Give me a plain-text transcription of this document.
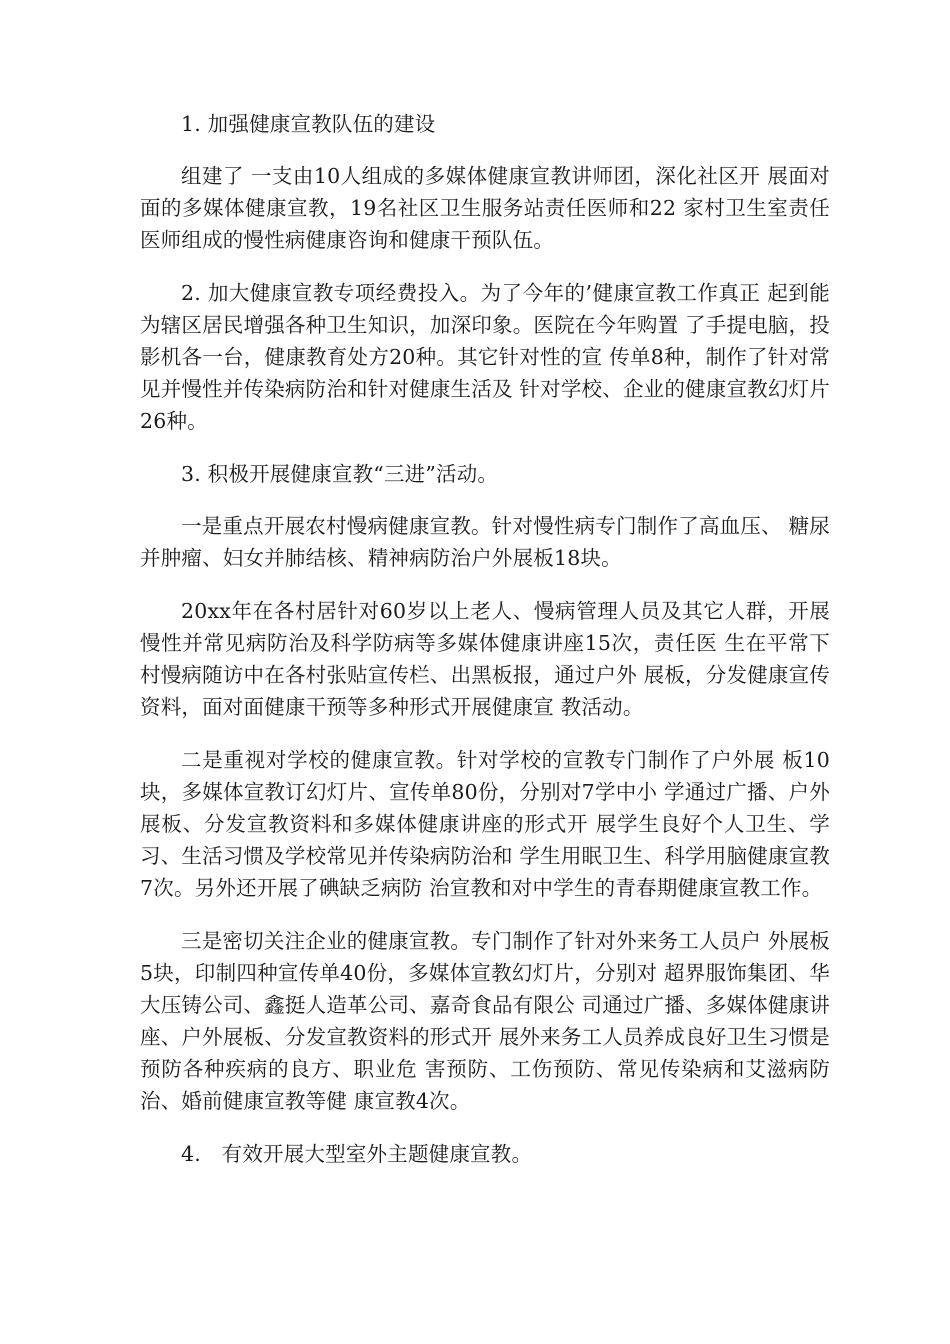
1. 加强健康宣教队伍的建设

组建了 一支由10人组成的多媒体健康宣教讲师团，深化社区开 展面对面的多媒体健康宣教，19名社区卫生服务站责任医师和22 家村卫生室责任医师组成的慢性病健康咨询和健康干预队伍。

2. 加大健康宣教专项经费投入。为了今年的’健康宣教工作真正 起到能为辖区居民增强各种卫生知识，加深印象。医院在今年购置 了手提电脑，投影机各一台，健康教育处方20种。其它针对性的宣 传单8种，制作了针对常见并慢性并传染病防治和针对健康生活及 针对学校、企业的健康宣教幻灯片26种。

3. 积极开展健康宣教“三进”活动。

一是重点开展农村慢病健康宣教。针对慢性病专门制作了高血压、 糖尿并肿瘤、妇女并肺结核、精神病防治户外展板18块。

20xx年在各村居针对60岁以上老人、慢病管理人员及其它人群，开展慢性并常见病防治及科学防病等多媒体健康讲座15次，责任医 生在平常下村慢病随访中在各村张贴宣传栏、出黑板报，通过户外 展板，分发健康宣传资料，面对面健康干预等多种形式开展健康宣 教活动。

二是重视对学校的健康宣教。针对学校的宣教专门制作了户外展 板10块，多媒体宣教订幻灯片、宣传单80份，分别对7学中小 学通过广播、户外展板、分发宣教资料和多媒体健康讲座的形式开 展学生良好个人卫生、学习、生活习惯及学校常见并传染病防治和 学生用眠卫生、科学用脑健康宣教7次。另外还开展了碘缺乏病防 治宣教和对中学生的青春期健康宣教工作。

三是密切关注企业的健康宣教。专门制作了针对外来务工人员户 外展板5块，印制四种宣传单40份，多媒体宣教幻灯片，分别对 超界服饰集团、华大压铸公司、鑫挺人造革公司、嘉奇食品有限公 司通过广播、多媒体健康讲座、户外展板、分发宣教资料的形式开 展外来务工人员养成良好卫生习惯是预防各种疾病的良方、职业危 害预防、工伤预防、常见传染病和艾滋病防治、婚前健康宣教等健 康宣教4次。

4.　有效开展大型室外主题健康宣教。
